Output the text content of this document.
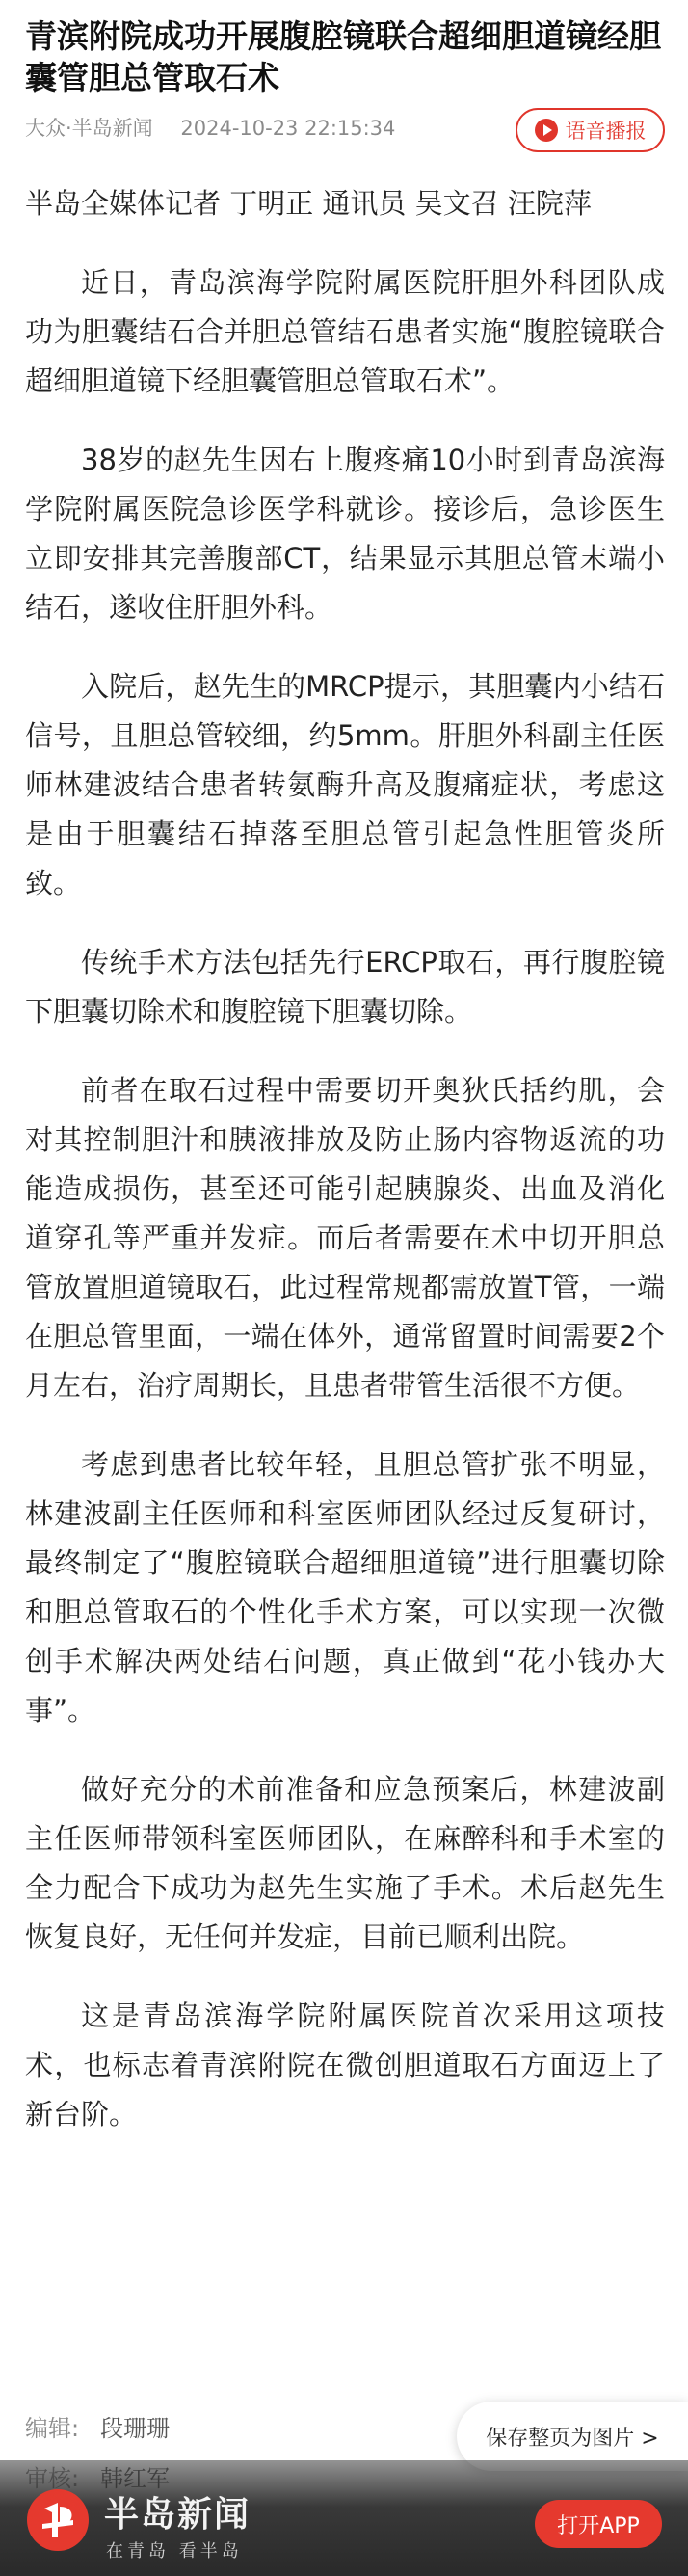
青滨附院成功开展腹腔镜联合超细胆道镜经胆囊管胆总管取石术
大众·半岛新闻 2024-10-23 22:15:34	语音播报

半岛全媒体记者 丁明正 通讯员 吴文召 汪院萍

近日，青岛滨海学院附属医院肝胆外科团队成功为胆囊结石合并胆总管结石患者实施“腹腔镜联合超细胆道镜下经胆囊管胆总管取石术”。

38岁的赵先生因右上腹疼痛10小时到青岛滨海学院附属医院急诊医学科就诊。接诊后，急诊医生立即安排其完善腹部CT，结果显示其胆总管末端小结石，遂收住肝胆外科。

入院后，赵先生的MRCP提示，其胆囊内小结石信号，且胆总管较细，约5mm。肝胆外科副主任医师林建波结合患者转氨酶升高及腹痛症状，考虑这是由于胆囊结石掉落至胆总管引起急性胆管炎所致。

传统手术方法包括先行ERCP取石，再行腹腔镜下胆囊切除术和腹腔镜下胆囊切除。

前者在取石过程中需要切开奥狄氏括约肌，会对其控制胆汁和胰液排放及防止肠内容物返流的功能造成损伤，甚至还可能引起胰腺炎、出血及消化道穿孔等严重并发症。而后者需要在术中切开胆总管放置胆道镜取石，此过程常规都需放置T管，一端在胆总管里面，一端在体外，通常留置时间需要2个月左右，治疗周期长，且患者带管生活很不方便。

考虑到患者比较年轻，且胆总管扩张不明显，林建波副主任医师和科室医师团队经过反复研讨，最终制定了“腹腔镜联合超细胆道镜”进行胆囊切除和胆总管取石的个性化手术方案，可以实现一次微创手术解决两处结石问题，真正做到“花小钱办大事”。

做好充分的术前准备和应急预案后，林建波副主任医师带领科室医师团队，在麻醉科和手术室的全力配合下成功为赵先生实施了手术。术后赵先生恢复良好，无任何并发症，目前已顺利出院。

这是青岛滨海学院附属医院首次采用这项技术，也标志着青滨附院在微创胆道取石方面迈上了新台阶。

编辑: 段珊珊	保存整页为图片 >
半岛新闻
在青岛 看半岛
打开APP
